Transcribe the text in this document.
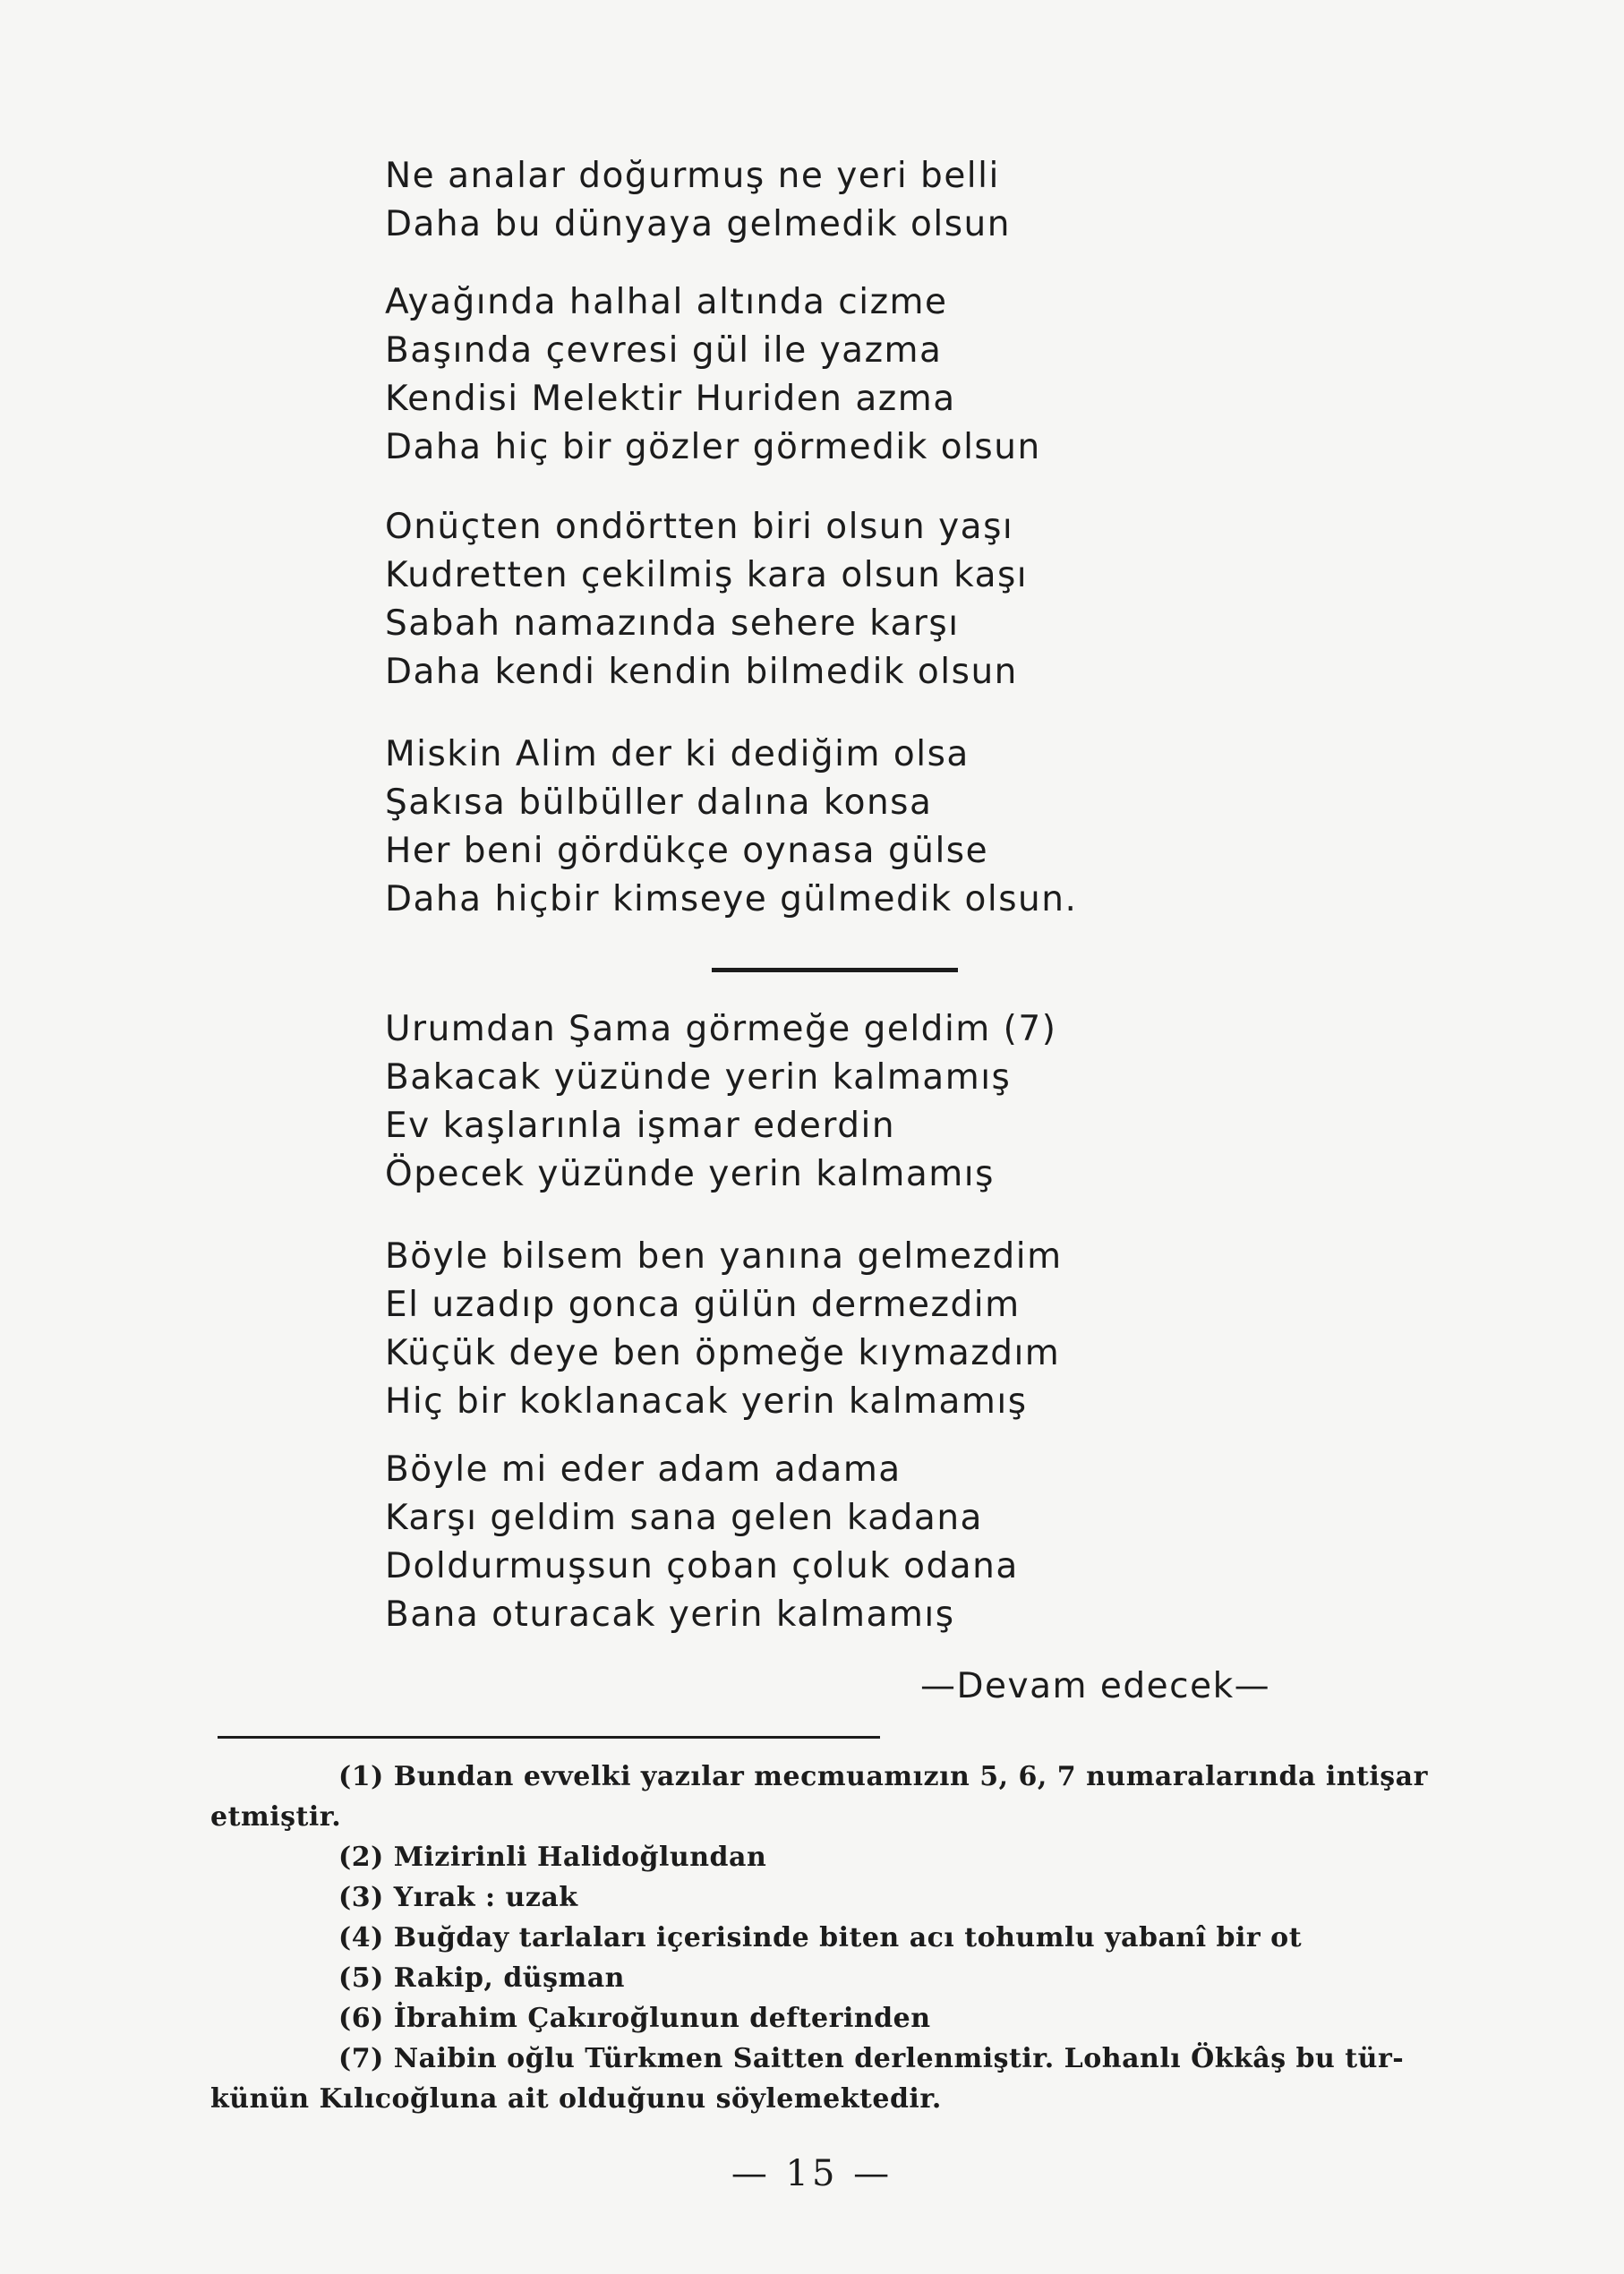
Ne analar doğurmuş ne yeri belli
Daha bu dünyaya gelmedik olsun
Ayağında halhal altında cizme
Başında çevresi gül ile yazma
Kendisi Melektir Huriden azma
Daha hiç bir gözler görmedik olsun
Onüçten ondörtten biri olsun yaşı
Kudretten çekilmiş kara olsun kaşı
Sabah namazında sehere karşı
Daha kendi kendin bilmedik olsun
Miskin Alim der ki dediğim olsa
Şakısa bülbüller dalına konsa
Her beni gördükçe oynasa gülse
Daha hiçbir kimseye gülmedik olsun.
Urumdan Şama görmeğe geldim (7)
Bakacak yüzünde yerin kalmamış
Ev kaşlarınla işmar ederdin
Öpecek yüzünde yerin kalmamış
Böyle bilsem ben yanına gelmezdim
El uzadıp gonca gülün dermezdim
Küçük deye ben öpmeğe kıymazdım
Hiç bir koklanacak yerin kalmamış
Böyle mi eder adam adama
Karşı geldim sana gelen kadana
Doldurmuşsun çoban çoluk odana
Bana oturacak yerin kalmamış
—Devam edecek—
(1) Bundan evvelki yazılar mecmuamızın 5, 6, 7 numaralarında intişar
etmiştir.
(2) Mizirinli Halidoğlundan
(3) Yırak : uzak
(4) Buğday tarlaları içerisinde biten acı tohumlu yabanî bir ot
(5) Rakip, düşman
(6) İbrahim Çakıroğlunun defterinden
(7) Naibin oğlu Türkmen Saitten derlenmiştir. Lohanlı Ökkâş bu tür-
künün Kılıcoğluna ait olduğunu söylemektedir.
— 15 —
